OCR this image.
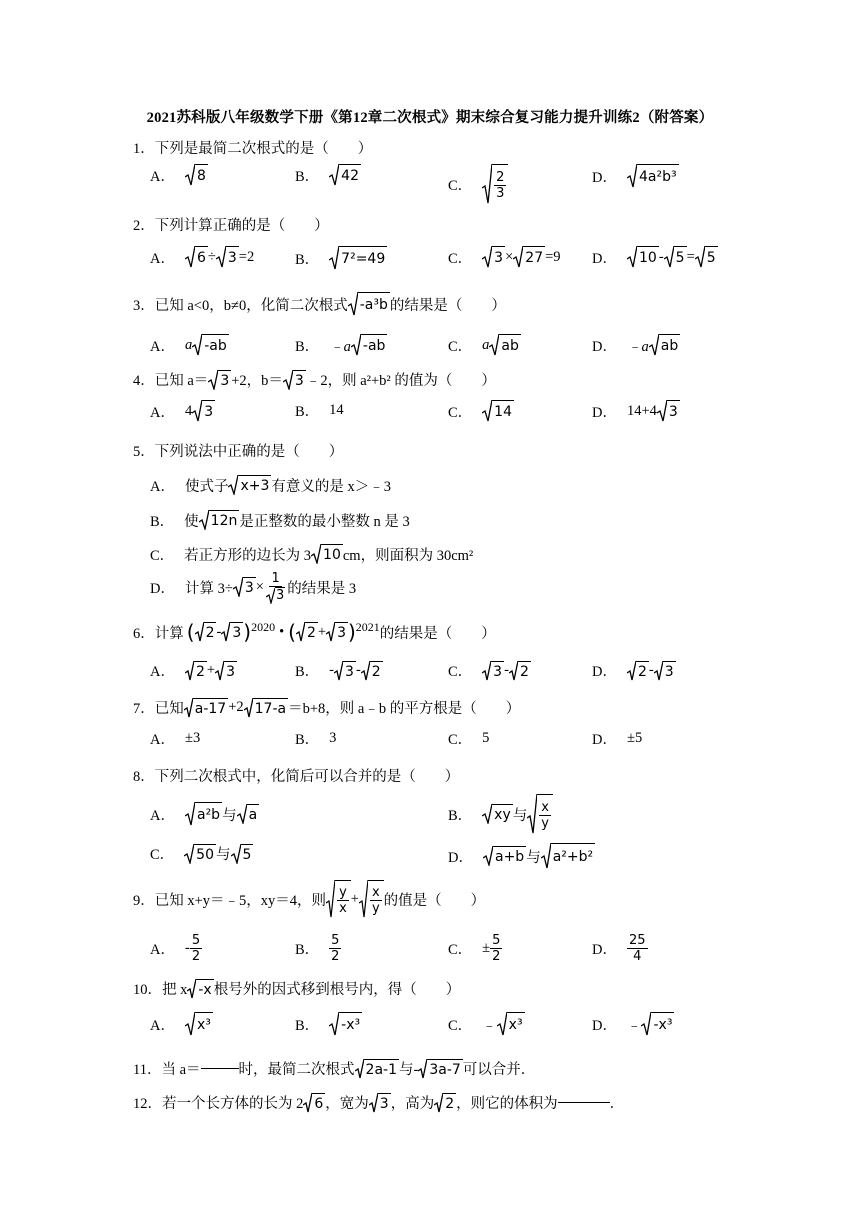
2021苏科版八年级数学下册《第12章二次根式》期末综合复习能力提升训练2（附答案）
1．下列是最简二次根式的是（　　）
A． 8	B． 42
C． $\frac{2}{3}$	D． 4a²b³
2．下列计算正确的是（　　）
A． 6 ÷ 3 =2	B． 7²=49	C． 3 × 27 =9 D． 10 - 5 = 5
3．已知 a<0，b≠0，化简二次根式 -a³b 的结果是（　　）
A． a -ab	B． ﹣a -ab	C． a ab	D． ﹣a ab
4．已知 a＝ 3 +2，b＝ 3 ﹣2，则 a²+b² 的值为（　　）
A． 4 3	B． 14	C． 14	D． 14+4 3
5．下列说法中正确的是（　　）
A． 使式子 x+3 有意义的是 x＞﹣3
B． 使 12n 是正整数的最小整数 n 是 3
C． 若正方形的边长为 3 10 cm，则面积为 30cm²
D． 计算 $3\div 3 \times \frac{1}{3}$ 的结果是 3
6．计算 ( 2 - 3 ) 2020 • ( 2 + 3 ) 2021 的结果是（　　）
A． 2 + 3	B． - 3 - 2	C． 3 - 2	D． 2 - 3
7．已知 a-17 +2 17-a ＝b+8，则 a﹣b 的平方根是（　　）
A． ±3	B． 3	C． 5	D． ±5
8．下列二次根式中，化简后可以合并的是（　　）
A． a²b 与 a	B． xy 与 $\frac{x}{y}$
C． 50 与 5	D． a+b 与 a²+b²
9．已知 x+y＝﹣5，xy＝4，则 $\frac{y}{x} + \frac{x}{y}$ 的值是（　　）
A． - $\frac{5}{2}$	B． $\frac{5}{2}$	C． ± $\frac{5}{2}$	D． $\frac{25}{4}$
10．把 x -x 根号外的因式移到根号内，得（　　）
A． x³	B． -x³	C． ﹣ x³	D． ﹣ -x³
11．当 a＝	时，最简二次根式 2a-1 与- 3a-7 可以合并．
12．若一个长方体的长为 2 6 ，宽为 3 ，高为 2 ，则它的体积为	．
